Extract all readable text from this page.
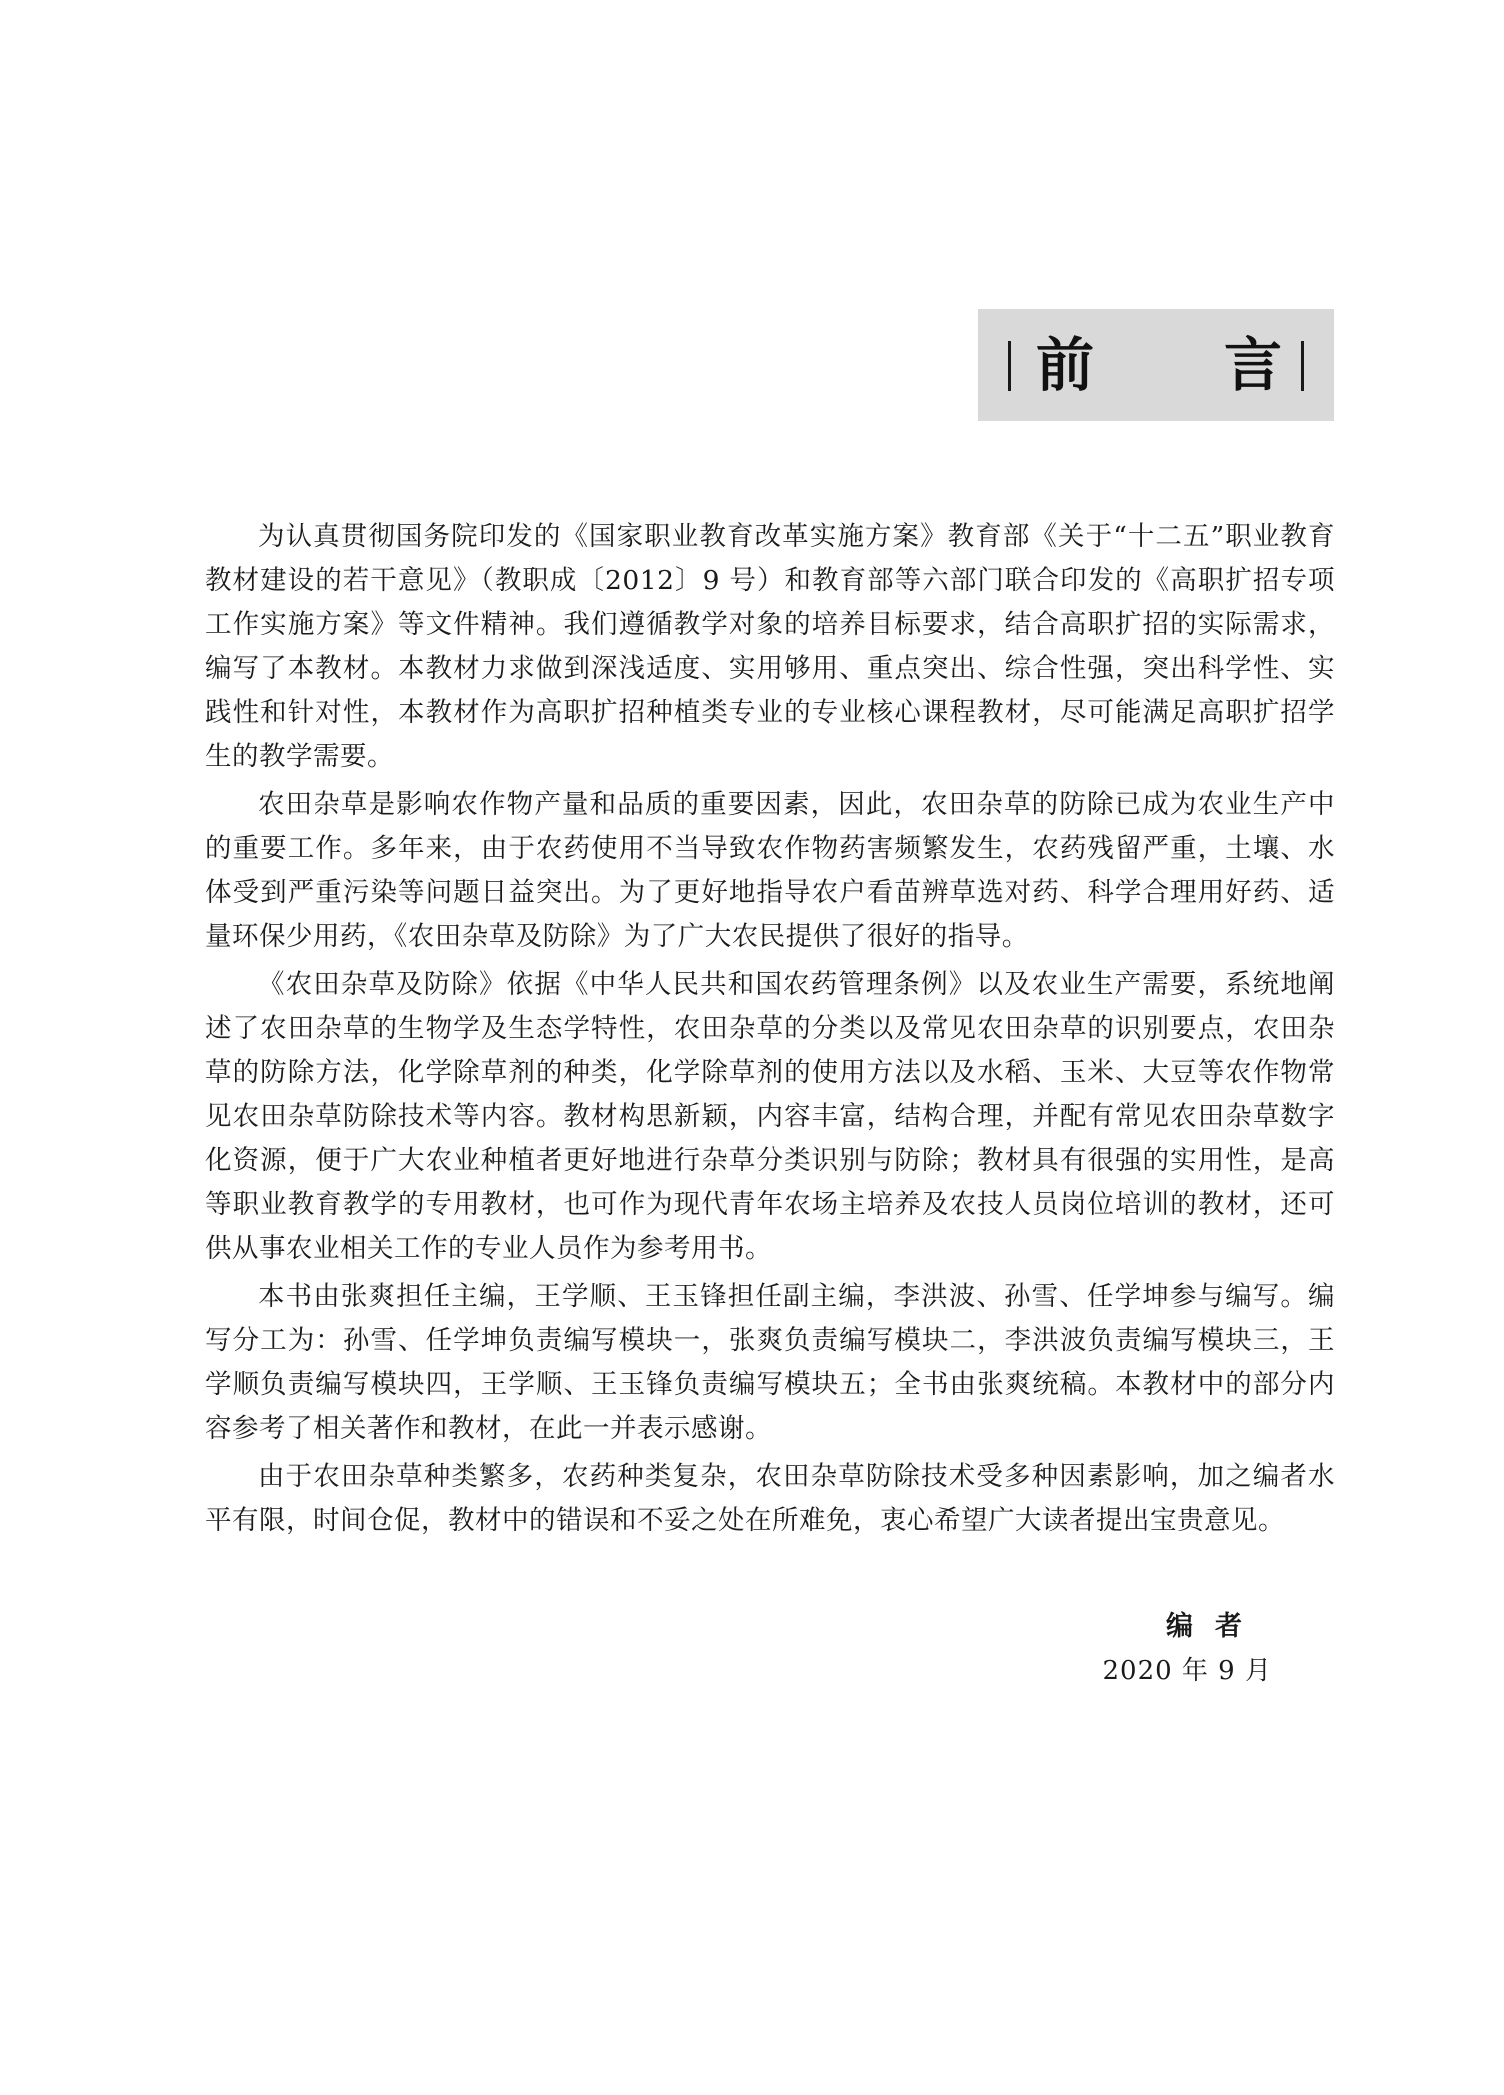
前 言

为认真贯彻国务院印发的《国家职业教育改革实施方案》教育部《关于“十二五”职业教育教材建设的若干意见》（教职成〔2012〕9 号）和教育部等六部门联合印发的《高职扩招专项工作实施方案》等文件精神。我们遵循教学对象的培养目标要求，结合高职扩招的实际需求，编写了本教材。本教材力求做到深浅适度、实用够用、重点突出、综合性强，突出科学性、实践性和针对性，本教材作为高职扩招种植类专业的专业核心课程教材，尽可能满足高职扩招学生的教学需要。

农田杂草是影响农作物产量和品质的重要因素，因此，农田杂草的防除已成为农业生产中的重要工作。多年来，由于农药使用不当导致农作物药害频繁发生，农药残留严重，土壤、水体受到严重污染等问题日益突出。为了更好地指导农户看苗辨草选对药、科学合理用好药、适量环保少用药，《农田杂草及防除》为了广大农民提供了很好的指导。

《农田杂草及防除》依据《中华人民共和国农药管理条例》以及农业生产需要，系统地阐述了农田杂草的生物学及生态学特性，农田杂草的分类以及常见农田杂草的识别要点，农田杂草的防除方法，化学除草剂的种类，化学除草剂的使用方法以及水稻、玉米、大豆等农作物常见农田杂草防除技术等内容。教材构思新颖，内容丰富，结构合理，并配有常见农田杂草数字化资源，便于广大农业种植者更好地进行杂草分类识别与防除；教材具有很强的实用性，是高等职业教育教学的专用教材，也可作为现代青年农场主培养及农技人员岗位培训的教材，还可供从事农业相关工作的专业人员作为参考用书。

本书由张爽担任主编，王学顺、王玉锋担任副主编，李洪波、孙雪、任学坤参与编写。编写分工为：孙雪、任学坤负责编写模块一，张爽负责编写模块二，李洪波负责编写模块三，王学顺负责编写模块四，王学顺、王玉锋负责编写模块五；全书由张爽统稿。本教材中的部分内容参考了相关著作和教材，在此一并表示感谢。

由于农田杂草种类繁多，农药种类复杂，农田杂草防除技术受多种因素影响，加之编者水平有限，时间仓促，教材中的错误和不妥之处在所难免，衷心希望广大读者提出宝贵意见。

编者
2020 年 9 月
